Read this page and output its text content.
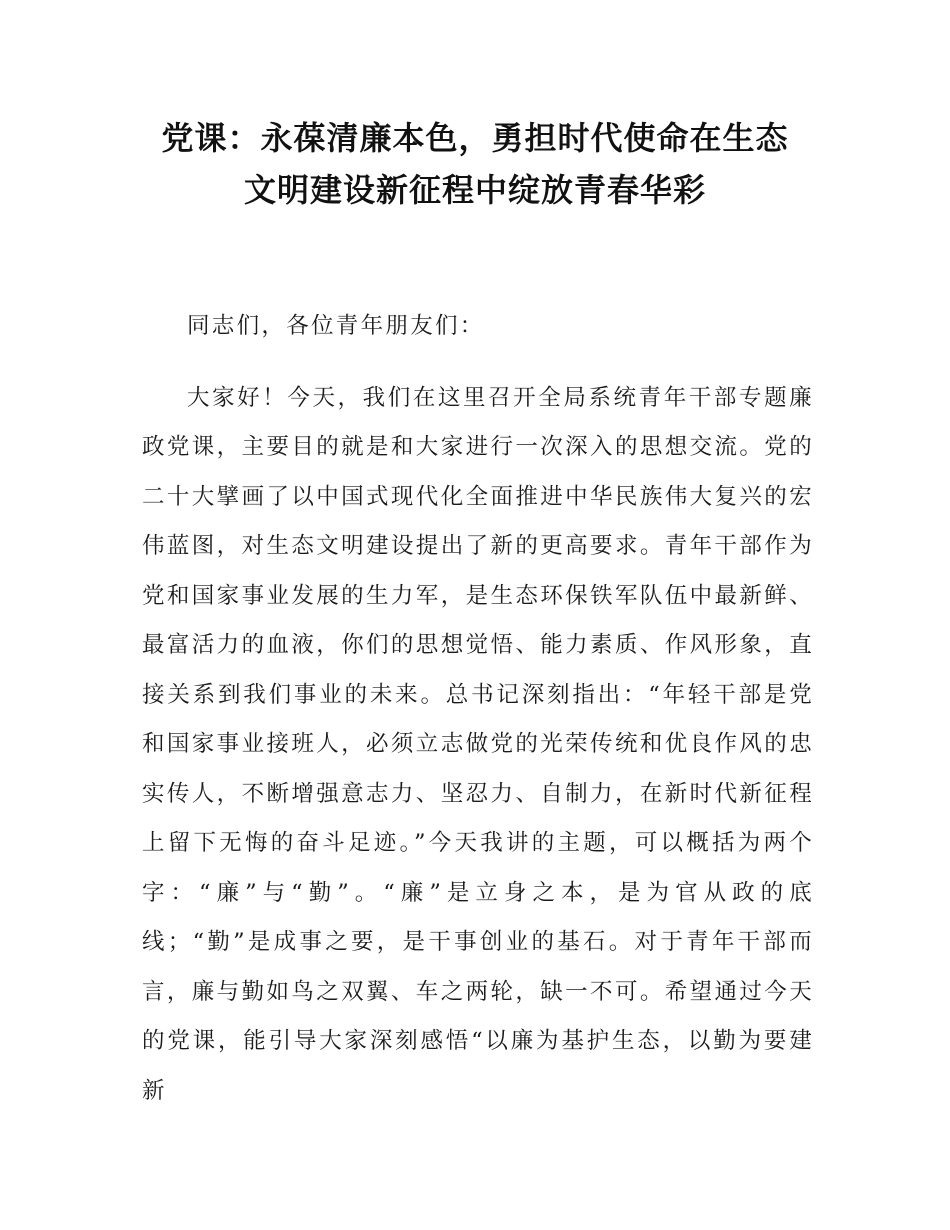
党课：永葆清廉本色，勇担时代使命在生态
文明建设新征程中绽放青春华彩

同志们，各位青年朋友们：

大家好！今天，我们在这里召开全局系统青年干部专题廉政党课，主要目的就是和大家进行一次深入的思想交流。党的二十大擘画了以中国式现代化全面推进中华民族伟大复兴的宏伟蓝图，对生态文明建设提出了新的更高要求。青年干部作为党和国家事业发展的生力军，是生态环保铁军队伍中最新鲜、最富活力的血液，你们的思想觉悟、能力素质、作风形象，直接关系到我们事业的未来。总书记深刻指出：“年轻干部是党和国家事业接班人，必须立志做党的光荣传统和优良作风的忠实传人，不断增强意志力、坚忍力、自制力，在新时代新征程上留下无悔的奋斗足迹。”今天我讲的主题，可以概括为两个字：“廉”与“勤”。“廉”是立身之本，是为官从政的底线；“勤”是成事之要，是干事创业的基石。对于青年干部而言，廉与勤如鸟之双翼、车之两轮，缺一不可。希望通过今天的党课，能引导大家深刻感悟“以廉为基护生态，以勤为要建新
